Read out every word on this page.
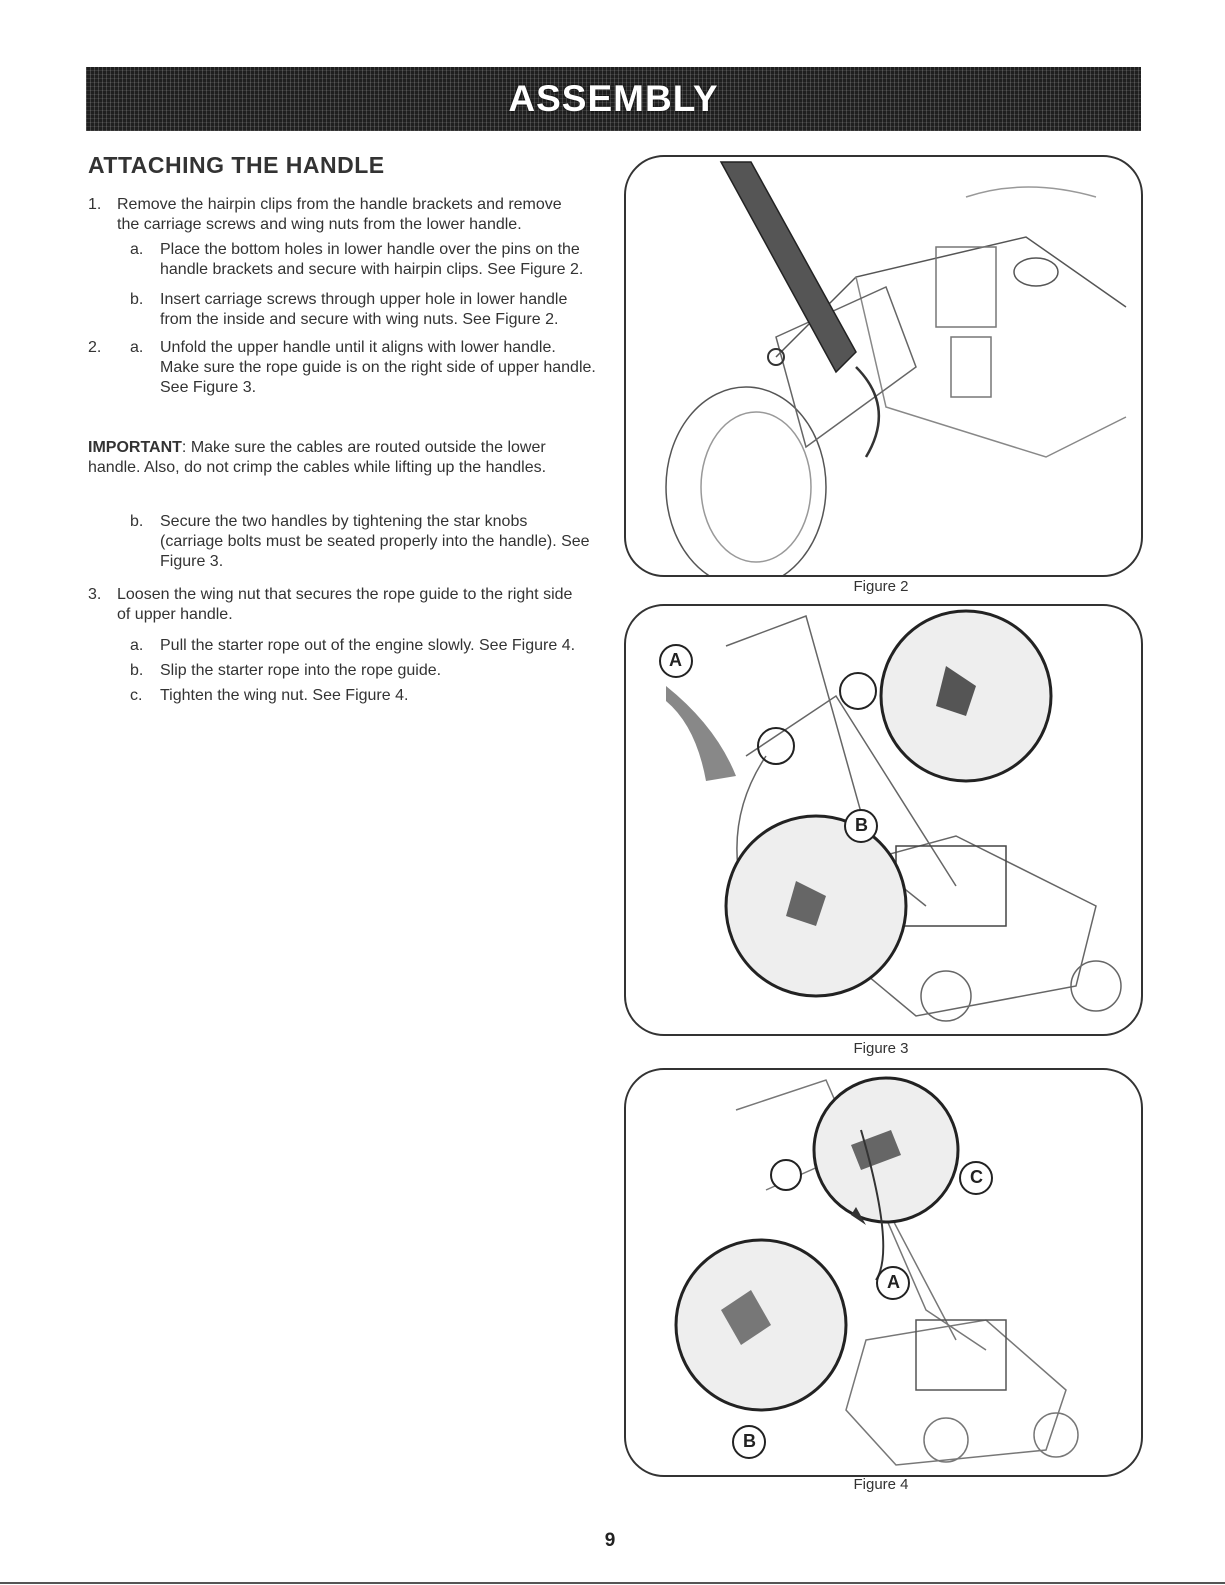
ASSEMBLY
ATTACHING THE HANDLE
1. Remove the hairpin clips from the handle brackets and remove
the carriage screws and wing nuts from the lower handle.
a. Place the bottom holes in lower handle over the pins on the
handle brackets and secure with hairpin clips. See Figure 2.
b. Insert carriage screws through upper hole in lower handle
from the inside and secure with wing nuts. See Figure 2.
2. a. Unfold the upper handle until it aligns with lower handle.
Make sure the rope guide is on the right side of upper handle.
See Figure 3.
IMPORTANT: Make sure the cables are routed outside the lower
handle. Also, do not crimp the cables while lifting up the handles.
b. Secure the two handles by tightening the star knobs
(carriage bolts must be seated properly into the handle). See
Figure 3.
3. Loosen the wing nut that secures the rope guide to the right side
of upper handle.
a. Pull the starter rope out of the engine slowly. See Figure 4.
b. Slip the starter rope into the rope guide.
c. Tighten the wing nut. See Figure 4.
Figure 2
A
B
Figure 3
C
A
B
Figure 4
9
